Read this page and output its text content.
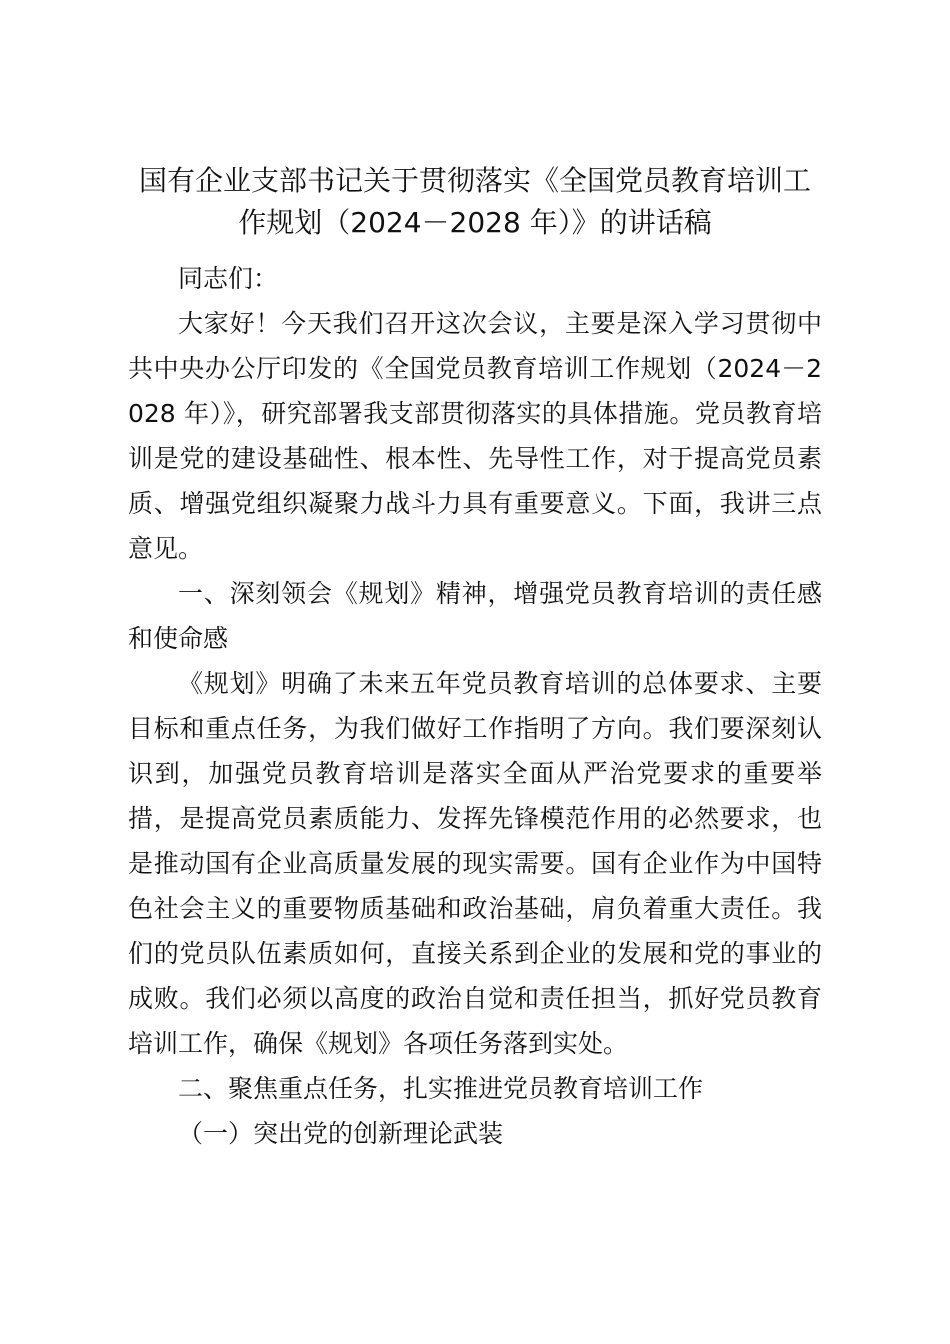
国有企业支部书记关于贯彻落实《全国党员教育培训工
作规划（2024－2028 年）》的讲话稿

同志们：

大家好！今天我们召开这次会议，主要是深入学习贯彻中共中央办公厅印发的《全国党员教育培训工作规划（2024－2028 年）》，研究部署我支部贯彻落实的具体措施。党员教育培训是党的建设基础性、根本性、先导性工作，对于提高党员素质、增强党组织凝聚力战斗力具有重要意义。下面，我讲三点意见。

一、深刻领会《规划》精神，增强党员教育培训的责任感和使命感

《规划》明确了未来五年党员教育培训的总体要求、主要目标和重点任务，为我们做好工作指明了方向。我们要深刻认识到，加强党员教育培训是落实全面从严治党要求的重要举措，是提高党员素质能力、发挥先锋模范作用的必然要求，也是推动国有企业高质量发展的现实需要。国有企业作为中国特色社会主义的重要物质基础和政治基础，肩负着重大责任。我们的党员队伍素质如何，直接关系到企业的发展和党的事业的成败。我们必须以高度的政治自觉和责任担当，抓好党员教育培训工作，确保《规划》各项任务落到实处。

二、聚焦重点任务，扎实推进党员教育培训工作

（一）突出党的创新理论武装
